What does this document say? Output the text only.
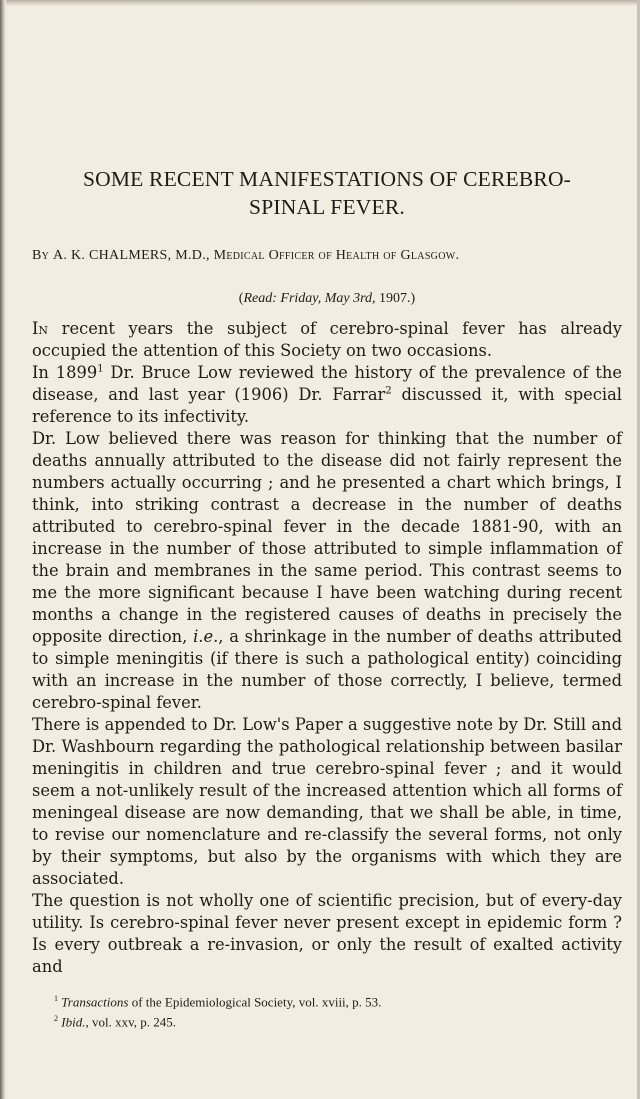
SOME RECENT MANIFESTATIONS OF CEREBRO-
SPINAL FEVER.
By A. K. CHALMERS, M.D., Medical Officer of Health of Glasgow.
(Read: Friday, May 3rd, 1907.)

In recent years the subject of cerebro-spinal fever has already occupied the attention of this Society on two occasions.

In 1899$^1$ Dr. Bruce Low reviewed the history of the prevalence of the disease, and last year (1906) Dr. Farrar$^2$ discussed it, with special reference to its infectivity.

Dr. Low believed there was reason for thinking that the number of deaths annually attributed to the disease did not fairly represent the numbers actually occurring ; and he presented a chart which brings, I think, into striking contrast a decrease in the number of deaths attributed to cerebro-spinal fever in the decade 1881-90, with an increase in the number of those attributed to simple inflammation of the brain and membranes in the same period. This contrast seems to me the more significant because I have been watching during recent months a change in the registered causes of deaths in precisely the opposite direction, i.e., a shrinkage in the number of deaths attributed to simple meningitis (if there is such a pathological entity) coinciding with an increase in the number of those correctly, I believe, termed cerebro-spinal fever.

There is appended to Dr. Low's Paper a suggestive note by Dr. Still and Dr. Washbourn regarding the pathological relationship between basilar meningitis in children and true cerebro-spinal fever ; and it would seem a not-unlikely result of the increased attention which all forms of meningeal disease are now demanding, that we shall be able, in time, to revise our nomenclature and re-classify the several forms, not only by their symptoms, but also by the organisms with which they are associated.

The question is not wholly one of scientific precision, but of every-day utility. Is cerebro-spinal fever never present except in epidemic form ? Is every outbreak a re-invasion, or only the result of exalted activity and

$^1$ Transactions of the Epidemiological Society, vol. xviii, p. 53.

$^2$ Ibid., vol. xxv, p. 245.
